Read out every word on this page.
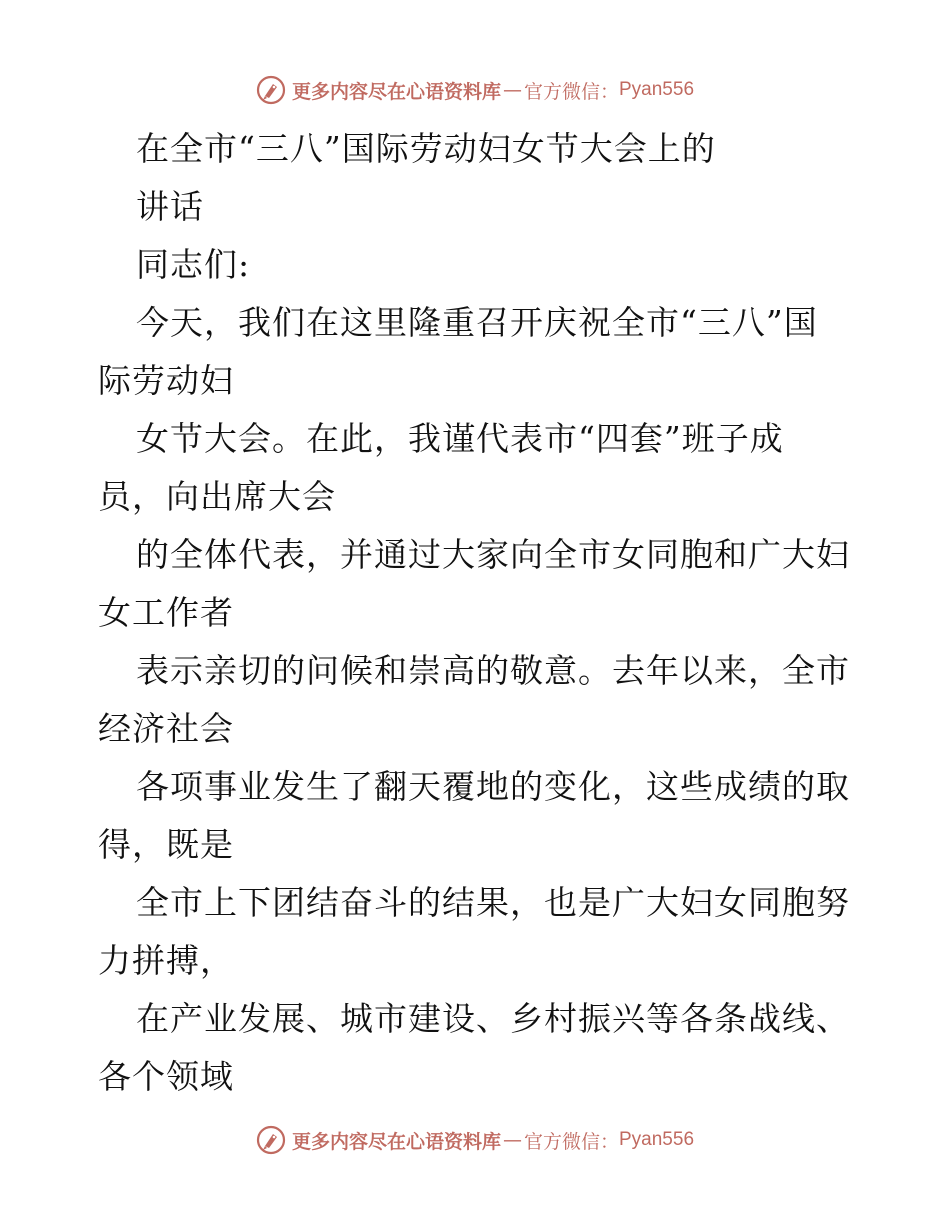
更多内容尽在心语资料库 — 官方微信： Pyan556
在全市“三八”国际劳动妇女节大会上的
讲话
同志们:
今天，我们在这里隆重召开庆祝全市“三八”国
际劳动妇
女节大会。在此，我谨代表市“四套”班子成
员，向出席大会
的全体代表，并通过大家向全市女同胞和广大妇
女工作者
表示亲切的问候和崇高的敬意。去年以来，全市
经济社会
各项事业发生了翻天覆地的变化，这些成绩的取
得，既是
全市上下团结奋斗的结果，也是广大妇女同胞努
力拼搏，
在产业发展、城市建设、乡村振兴等各条战线、
各个领域
更多内容尽在心语资料库 — 官方微信： Pyan556
